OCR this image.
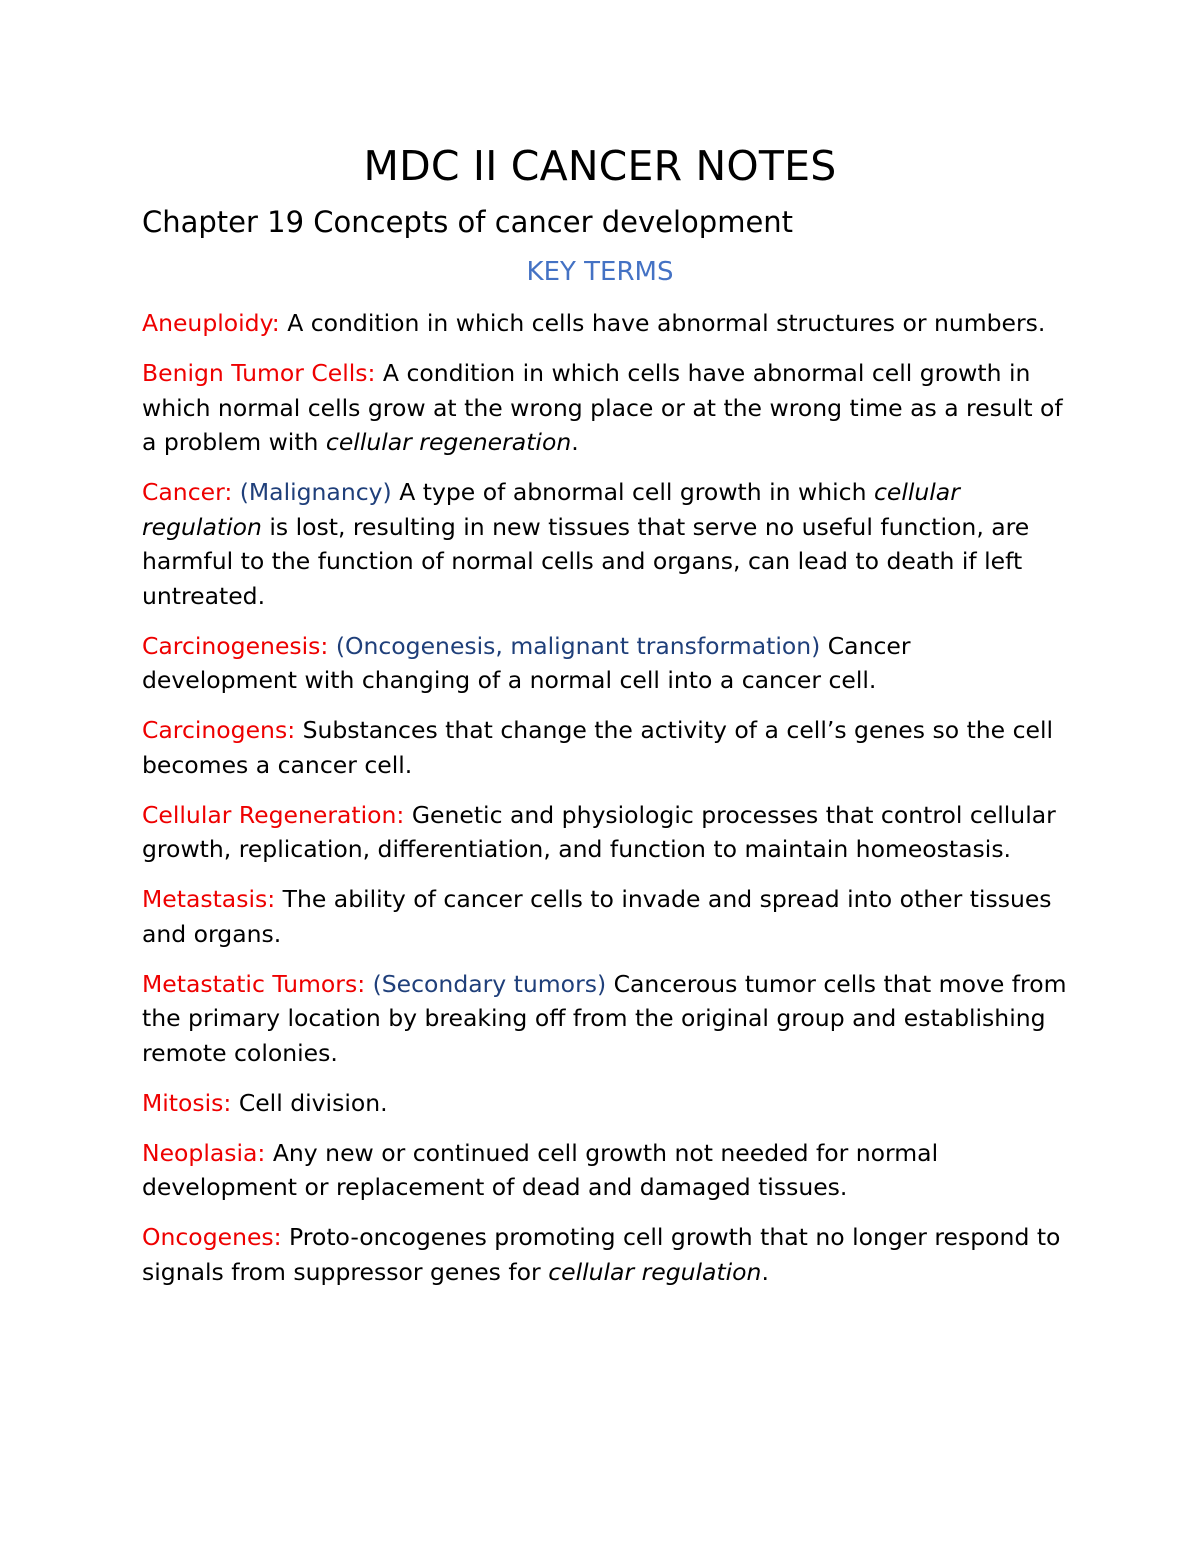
MDC II CANCER NOTES
Chapter 19 Concepts of cancer development
KEY TERMS

Aneuploidy: A condition in which cells have abnormal structures or numbers.

Benign Tumor Cells: A condition in which cells have abnormal cell growth in which normal cells grow at the wrong place or at the wrong time as a result of a problem with cellular regeneration.

Cancer: (Malignancy) A type of abnormal cell growth in which cellular regulation is lost, resulting in new tissues that serve no useful function, are harmful to the function of normal cells and organs, can lead to death if left untreated.

Carcinogenesis: (Oncogenesis, malignant transformation) Cancer development with changing of a normal cell into a cancer cell.

Carcinogens: Substances that change the activity of a cell’s genes so the cell becomes a cancer cell.

Cellular Regeneration: Genetic and physiologic processes that control cellular growth, replication, differentiation, and function to maintain homeostasis.

Metastasis: The ability of cancer cells to invade and spread into other tissues and organs.

Metastatic Tumors: (Secondary tumors) Cancerous tumor cells that move from the primary location by breaking off from the original group and establishing remote colonies.

Mitosis: Cell division.

Neoplasia: Any new or continued cell growth not needed for normal development or replacement of dead and damaged tissues.

Oncogenes: Proto-oncogenes promoting cell growth that no longer respond to signals from suppressor genes for cellular regulation.
